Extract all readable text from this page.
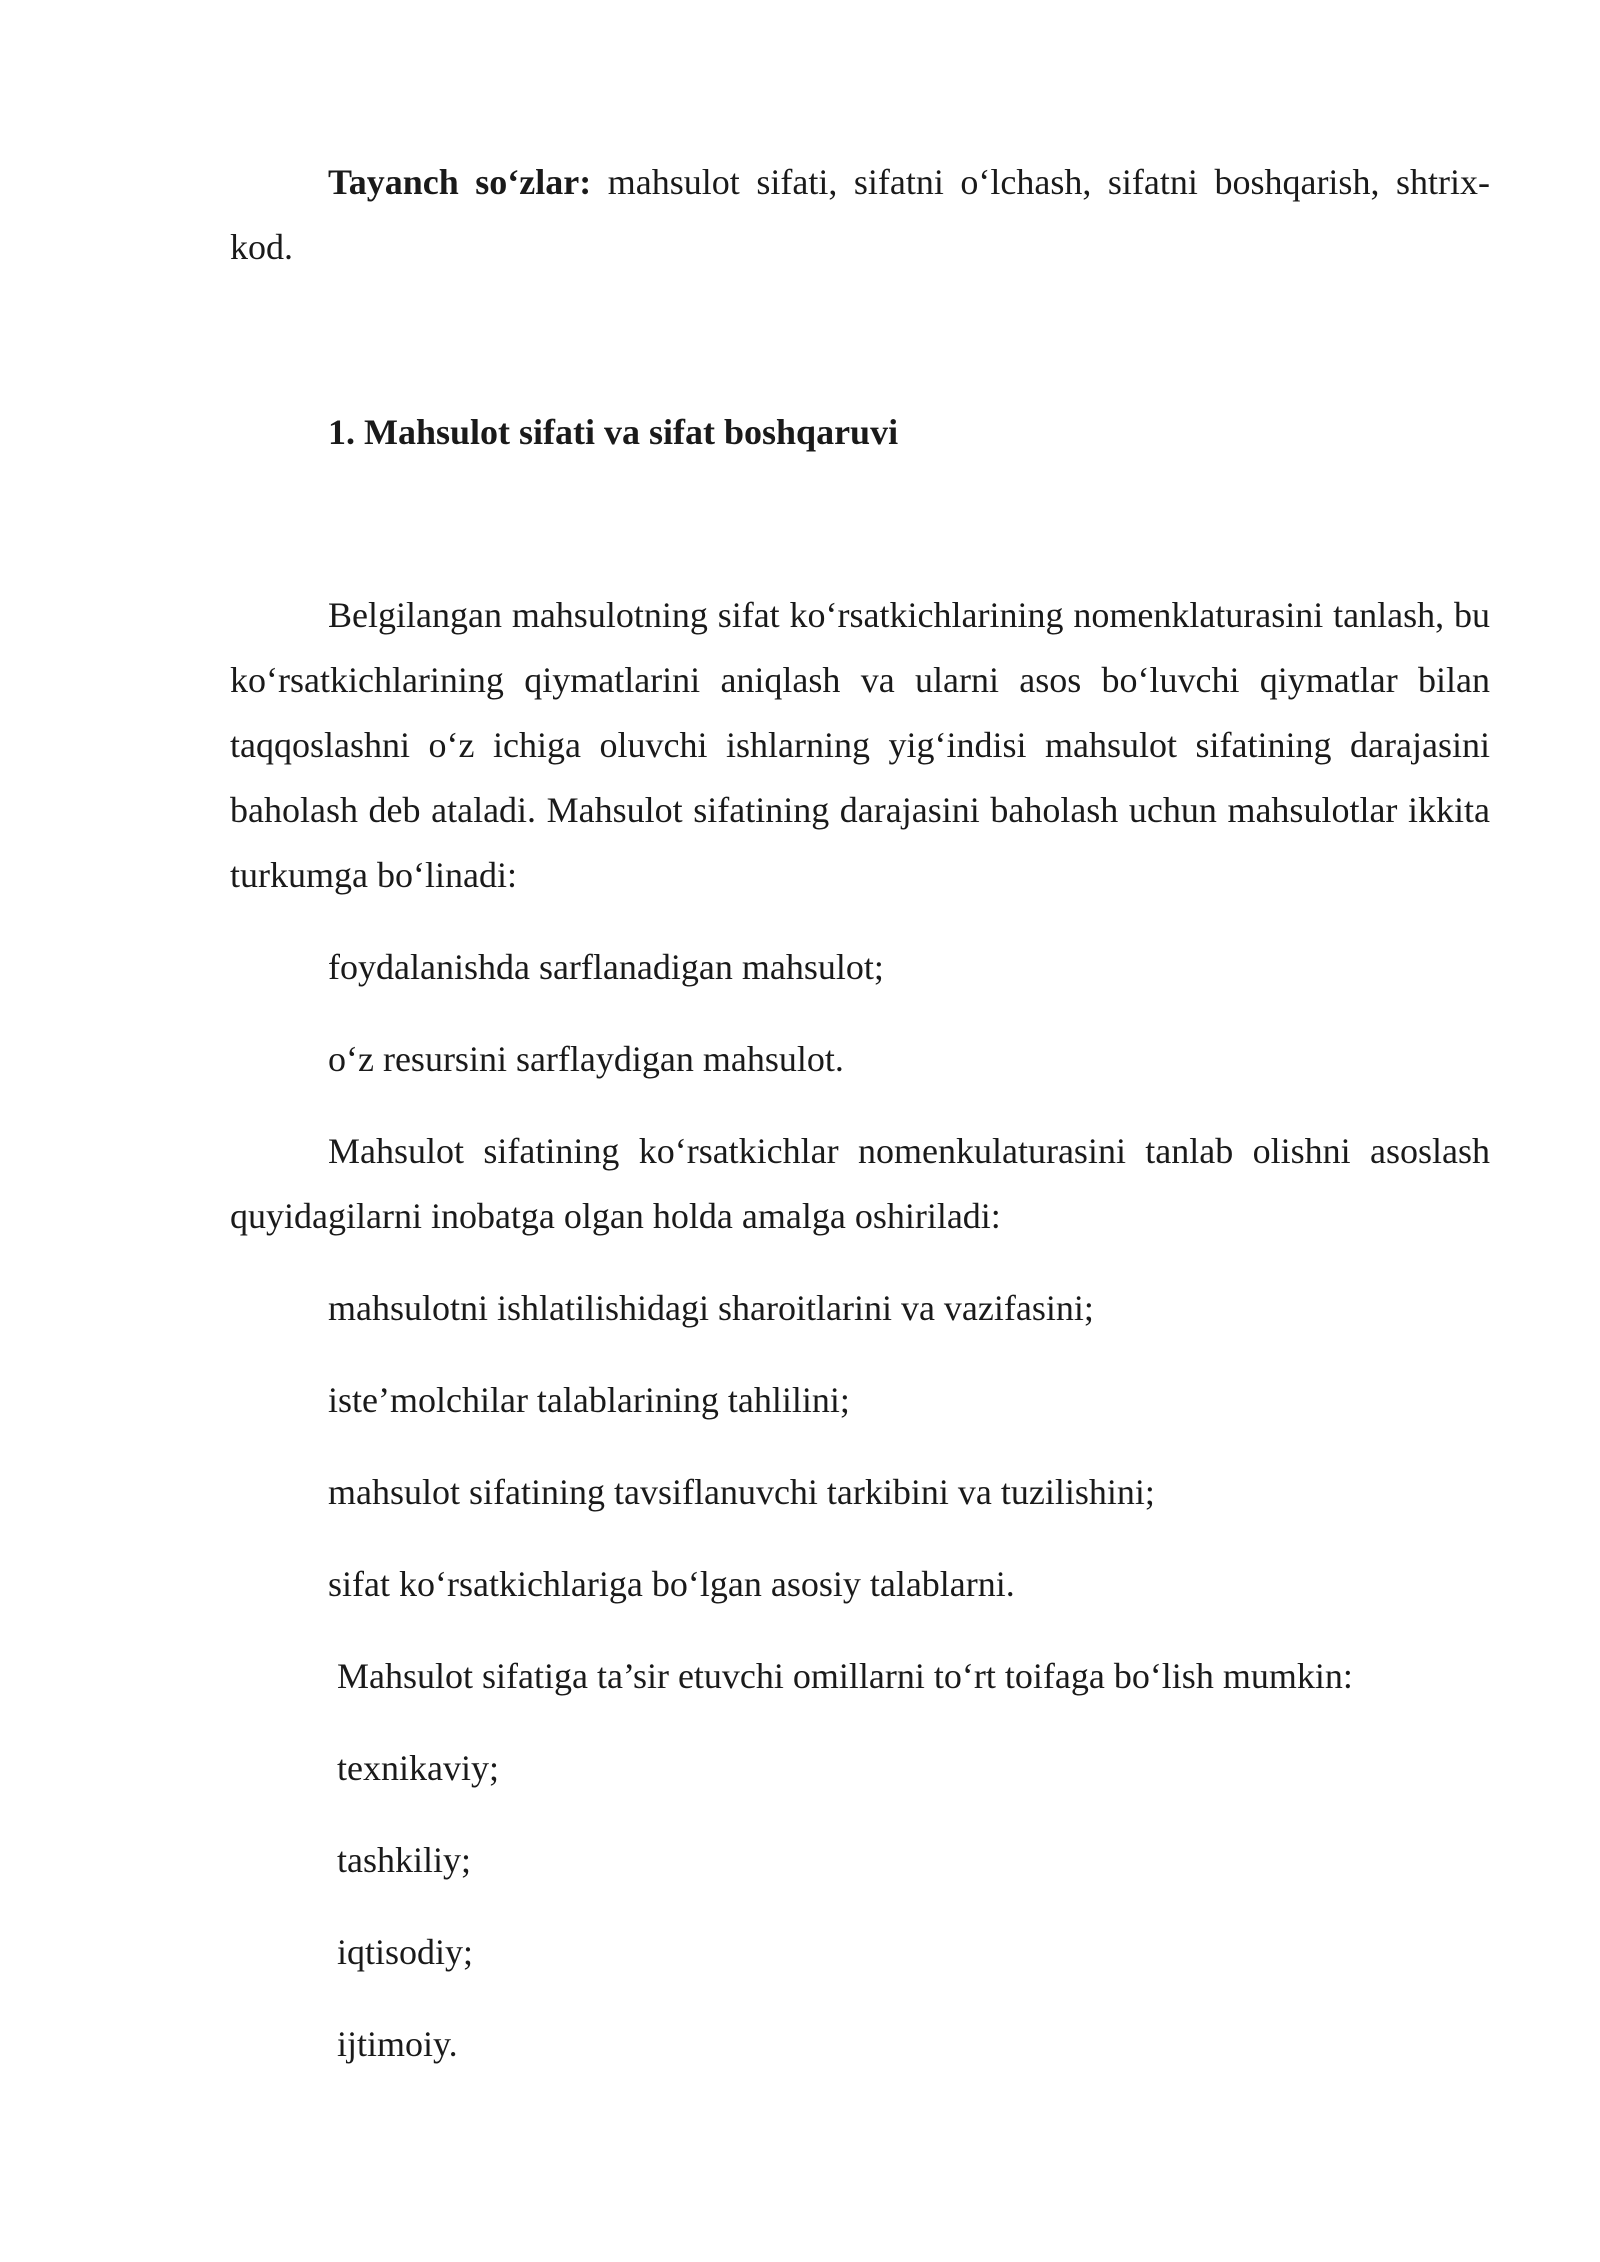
Tayanch so‘zlar: mahsulot sifati, sifatni o‘lchash, sifatni boshqarish, shtrix-kod.

1. Mahsulot sifati va sifat boshqaruvi

Belgilangan mahsulotning sifat ko‘rsatkichlarining nomenklaturasini tanlash, bu ko‘rsatkichlarining qiymatlarini aniqlash va ularni asos bo‘luvchi qiymatlar bilan taqqoslashni o‘z ichiga oluvchi ishlarning yig‘indisi mahsulot sifatining darajasini baholash deb ataladi. Mahsulot sifatining darajasini baholash uchun mahsulotlar ikkita turkumga bo‘linadi:

foydalanishda sarflanadigan mahsulot;

o‘z resursini sarflaydigan mahsulot.

Mahsulot sifatining ko‘rsatkichlar nomenkulaturasini tanlab olishni asoslash quyidagilarni inobatga olgan holda amalga oshiriladi:

mahsulotni ishlatilishidagi sharoitlarini va vazifasini;

iste’molchilar talablarining tahlilini;

mahsulot sifatining tavsiflanuvchi tarkibini va tuzilishini;

sifat ko‘rsatkichlariga bo‘lgan asosiy talablarni.

Mahsulot sifatiga ta’sir etuvchi omillarni to‘rt toifaga bo‘lish mumkin:

texnikaviy;

tashkiliy;

iqtisodiy;

ijtimoiy.
